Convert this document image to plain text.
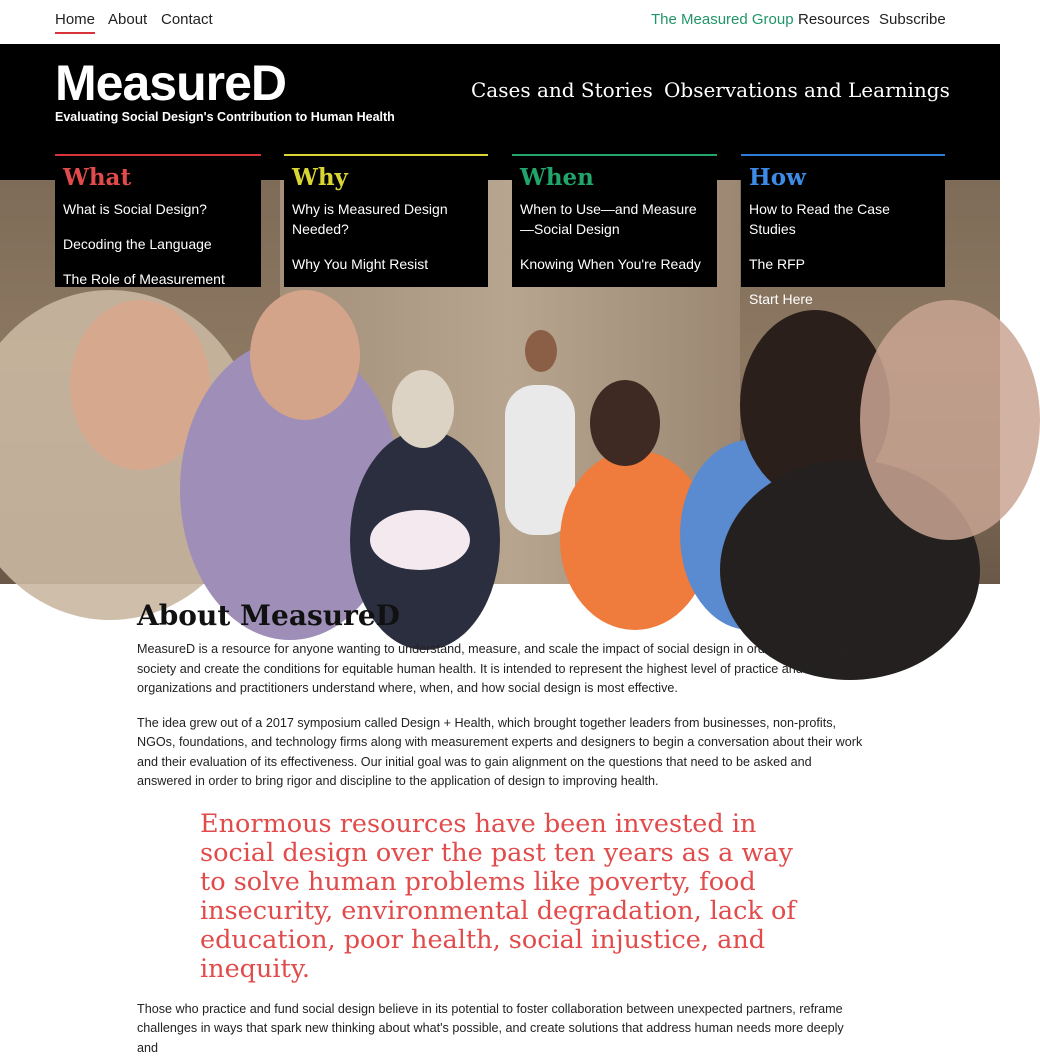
Home About Contact	The Measured Group Resources Subscribe
MeasureD
Evaluating Social Design's Contribution to Human Health
Cases and Stories Observations and Learnings
What
What is Social Design?
Decoding the Language
The Role of Measurement
Why
Why is Measured Design Needed?
Why You Might Resist
When
When to Use—and Measure—Social Design
Knowing When You're Ready
How
How to Read the Case Studies
The RFP
Start Here
About MeasureD

MeasureD is a resource for anyone wanting to understand, measure, and scale the impact of social design in order to strengthen society and create the conditions for equitable human health. It is intended to represent the highest level of practice and help organizations and practitioners understand where, when, and how social design is most effective.

The idea grew out of a 2017 symposium called Design + Health, which brought together leaders from businesses, non-profits, NGOs, foundations, and technology firms along with measurement experts and designers to begin a conversation about their work and their evaluation of its effectiveness. Our initial goal was to gain alignment on the questions that need to be asked and answered in order to bring rigor and discipline to the application of design to improving health.

Enormous resources have been invested in social design over the past ten years as a way to solve human problems like poverty, food insecurity, environmental degradation, lack of education, poor health, social injustice, and inequity.

Those who practice and fund social design believe in its potential to foster collaboration between unexpected partners, reframe challenges in ways that spark new thinking about what's possible, and create solutions that address human needs more deeply and
